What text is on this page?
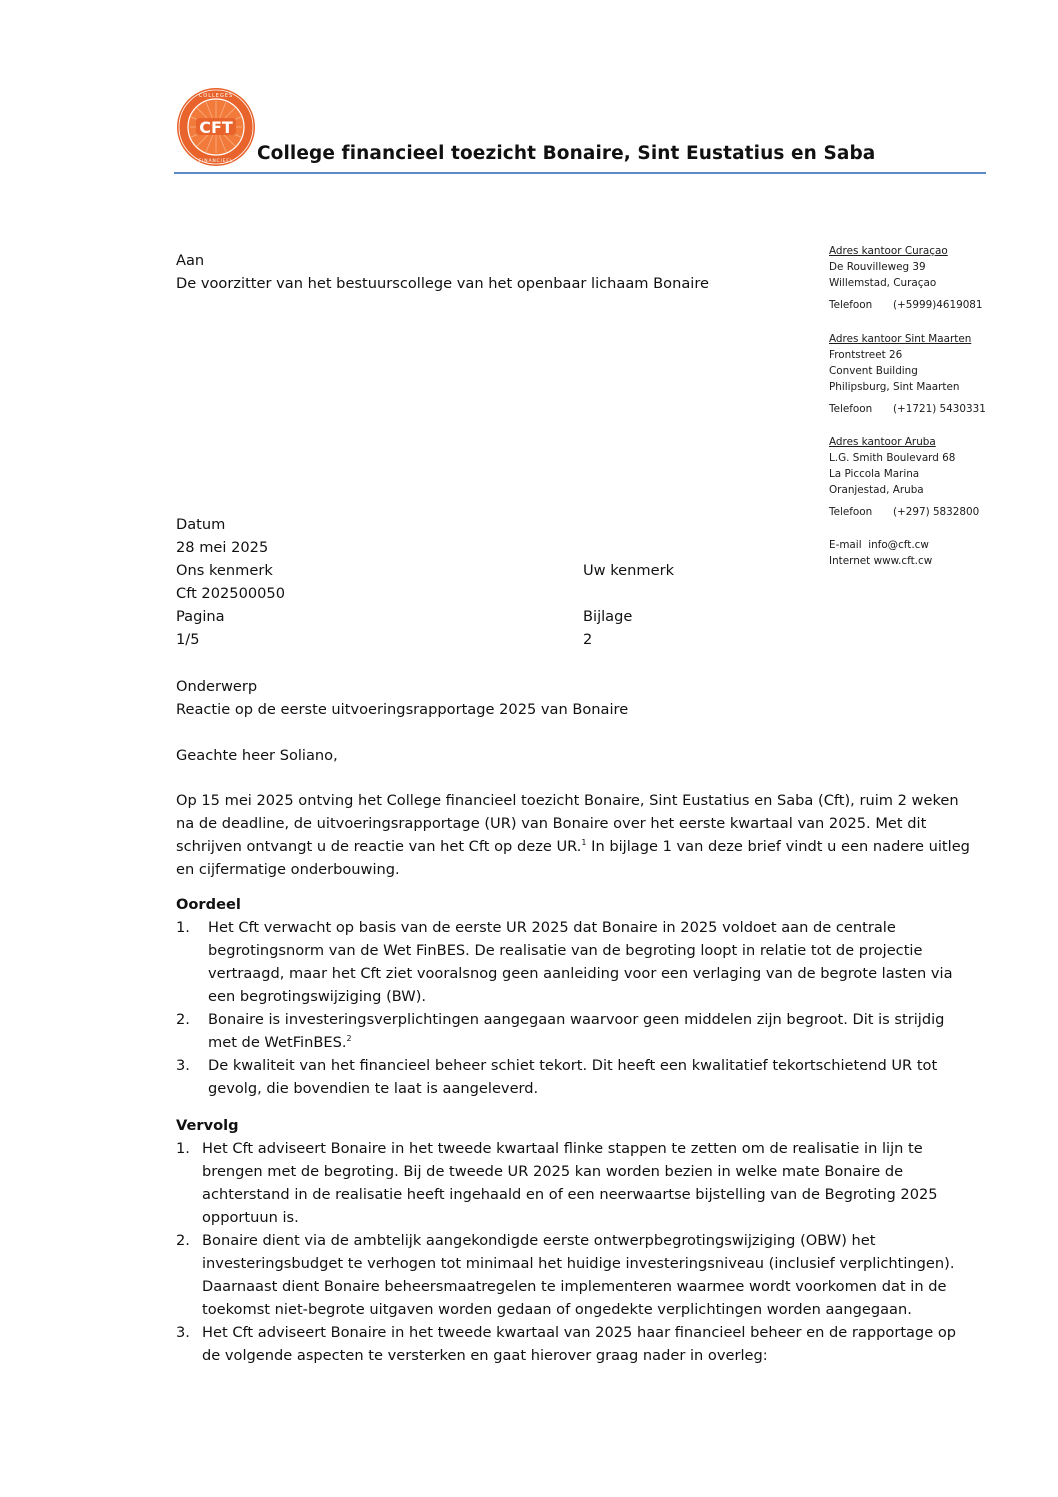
CFT
COLLEGES
FINANCIEEL College financieel toezicht Bonaire, Sint Eustatius en Saba
Aan
De voorzitter van het bestuurscollege van het openbaar lichaam Bonaire
Adres kantoor Curaçao
De Rouvilleweg 39
Willemstad, Curaçao
Telefoon (+5999)4619081
Adres kantoor Sint Maarten
Frontstreet 26
Convent Building
Philipsburg, Sint Maarten
Telefoon (+1721) 5430331
Adres kantoor Aruba
L.G. Smith Boulevard 68
La Piccola Marina
Oranjestad, Aruba
Telefoon (+297) 5832800
E-mail info@cft.cw
Internet www.cft.cw
Datum
28 mei 2025
Ons kenmerk	Uw kenmerk
Cft 202500050
Pagina	Bijlage
1/5	2
Onderwerp
Reactie op de eerste uitvoeringsrapportage 2025 van Bonaire
Geachte heer Soliano,
Op 15 mei 2025 ontving het College financieel toezicht Bonaire, Sint Eustatius en Saba (Cft), ruim 2 weken na de deadline, de uitvoeringsrapportage (UR) van Bonaire over het eerste kwartaal van 2025. Met dit schrijven ontvangt u de reactie van het Cft op deze UR.$^1$ In bijlage 1 van deze brief vindt u een nadere uitleg en cijfermatige onderbouwing.
Oordeel
1. Het Cft verwacht op basis van de eerste UR 2025 dat Bonaire in 2025 voldoet aan de centrale begrotingsnorm van de Wet FinBES. De realisatie van de begroting loopt in relatie tot de projectie vertraagd, maar het Cft ziet vooralsnog geen aanleiding voor een verlaging van de begrote lasten via een begrotingswijziging (BW).
2. Bonaire is investeringsverplichtingen aangegaan waarvoor geen middelen zijn begroot. Dit is strijdig met de WetFinBES.$^2$
3. De kwaliteit van het financieel beheer schiet tekort. Dit heeft een kwalitatief tekortschietend UR tot gevolg, die bovendien te laat is aangeleverd.
Vervolg
1. Het Cft adviseert Bonaire in het tweede kwartaal flinke stappen te zetten om de realisatie in lijn te brengen met de begroting. Bij de tweede UR 2025 kan worden bezien in welke mate Bonaire de achterstand in de realisatie heeft ingehaald en of een neerwaartse bijstelling van de Begroting 2025 opportuun is.
2. Bonaire dient via de ambtelijk aangekondigde eerste ontwerpbegrotingswijziging (OBW) het investeringsbudget te verhogen tot minimaal het huidige investeringsniveau (inclusief verplichtingen). Daarnaast dient Bonaire beheersmaatregelen te implementeren waarmee wordt voorkomen dat in de toekomst niet-begrote uitgaven worden gedaan of ongedekte verplichtingen worden aangegaan.
3. Het Cft adviseert Bonaire in het tweede kwartaal van 2025 haar financieel beheer en de rapportage op de volgende aspecten te versterken en gaat hierover graag nader in overleg:
